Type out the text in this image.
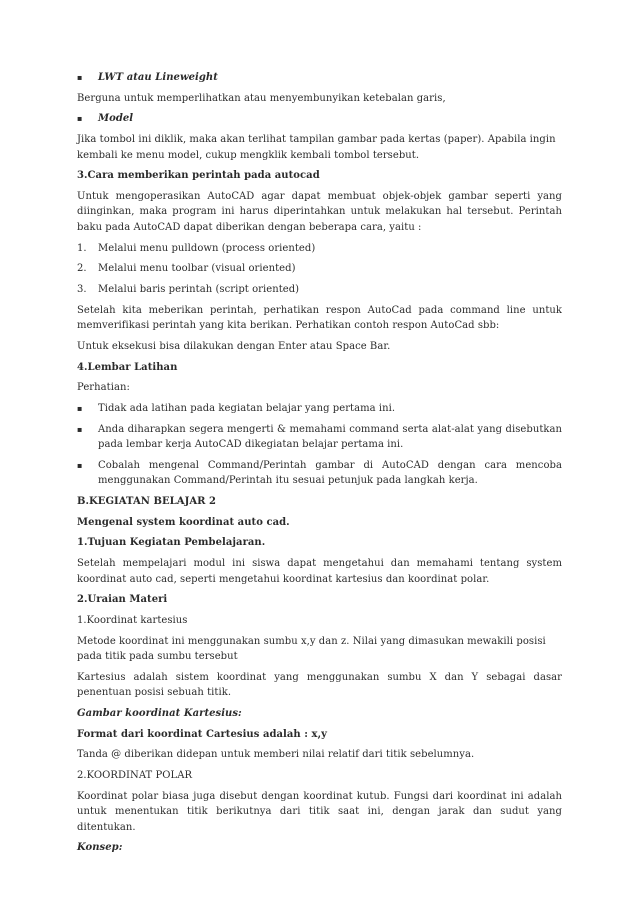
▪ LWT atau Lineweight
Berguna untuk memperlihatkan atau menyembunyikan ketebalan garis,
▪ Model
Jika tombol ini diklik, maka akan terlihat tampilan gambar pada kertas (paper). Apabila ingin kembali ke menu model, cukup mengklik kembali tombol tersebut.
3.Cara memberikan perintah pada autocad
Untuk mengoperasikan AutoCAD agar dapat membuat objek-objek gambar seperti yang diinginkan, maka program ini harus diperintahkan untuk melakukan hal tersebut. Perintah baku pada AutoCAD dapat diberikan dengan beberapa cara, yaitu :
1. Melalui menu pulldown (process oriented)
2. Melalui menu toolbar (visual oriented)
3. Melalui baris perintah (script oriented)
Setelah kita meberikan perintah, perhatikan respon AutoCad pada command line untuk memverifikasi perintah yang kita berikan. Perhatikan contoh respon AutoCad sbb:
Untuk eksekusi bisa dilakukan dengan Enter atau Space Bar.
4.Lembar Latihan
Perhatian:
▪ Tidak ada latihan pada kegiatan belajar yang pertama ini.
▪ Anda diharapkan segera mengerti & memahami command serta alat-alat yang disebutkan pada lembar kerja AutoCAD dikegiatan belajar pertama ini.
▪ Cobalah mengenal Command/Perintah gambar di AutoCAD dengan cara mencoba menggunakan Command/Perintah itu sesuai petunjuk pada langkah kerja.
B.KEGIATAN BELAJAR 2
Mengenal system koordinat auto cad.
1.Tujuan Kegiatan Pembelajaran.
Setelah mempelajari modul ini siswa dapat mengetahui dan memahami tentang system koordinat auto cad, seperti mengetahui koordinat kartesius dan koordinat polar.
2.Uraian Materi
1.Koordinat kartesius
Metode koordinat ini menggunakan sumbu x,y dan z. Nilai yang dimasukan mewakili posisi pada titik pada sumbu tersebut
Kartesius adalah sistem koordinat yang menggunakan sumbu X dan Y sebagai dasar penentuan posisi sebuah titik.
Gambar koordinat Kartesius:
Format dari koordinat Cartesius adalah : x,y
Tanda @ diberikan didepan untuk memberi nilai relatif dari titik sebelumnya.
2.KOORDINAT POLAR
Koordinat polar biasa juga disebut dengan koordinat kutub. Fungsi dari koordinat ini adalah untuk menentukan titik berikutnya dari titik saat ini, dengan jarak dan sudut yang ditentukan.
Konsep:
